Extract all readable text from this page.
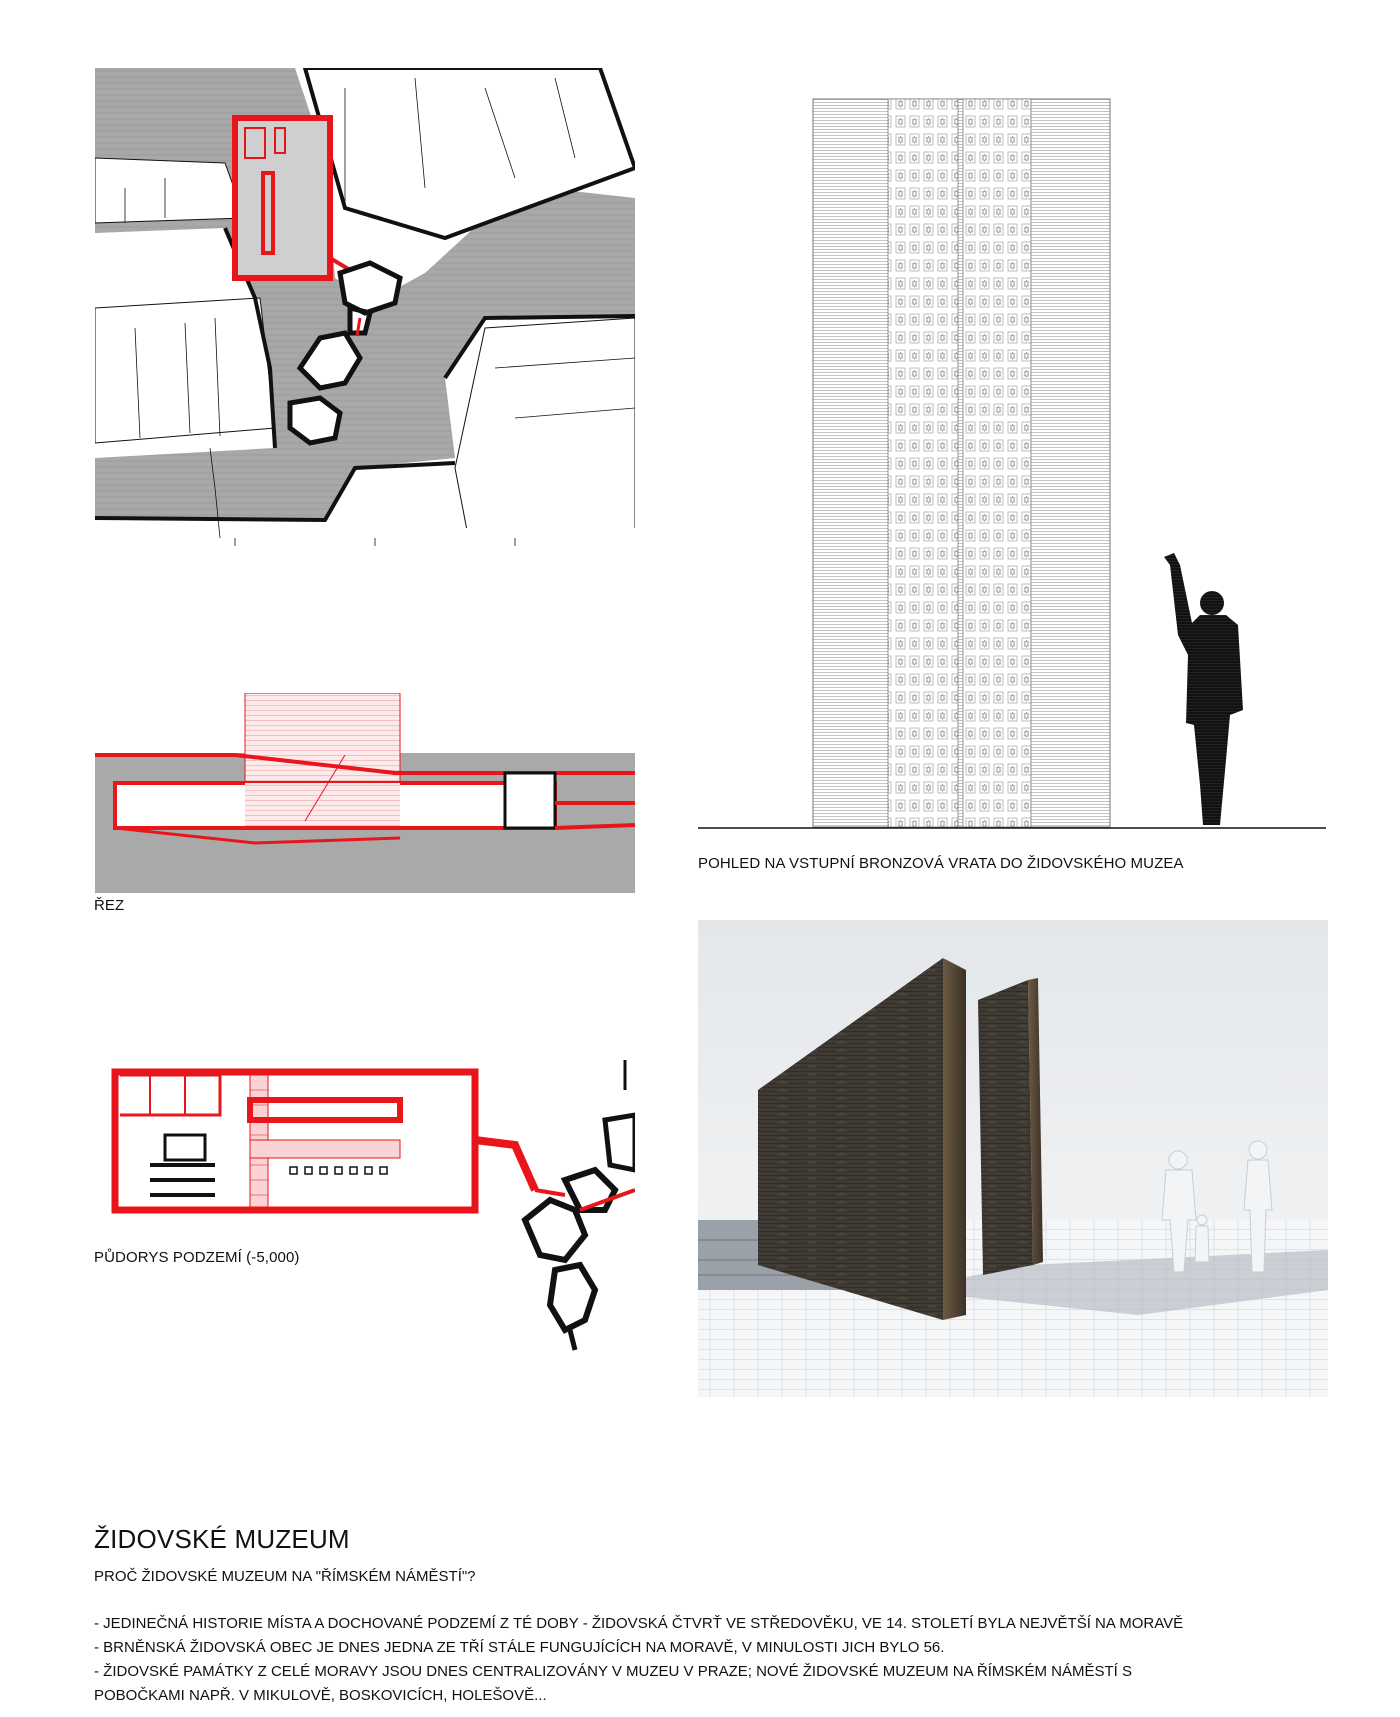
ŘEZ
PŮDORYS PODZEMÍ (-5,000)
POHLED NA VSTUPNÍ BRONZOVÁ VRATA DO ŽIDOVSKÉHO MUZEA
ŽIDOVSKÉ MUZEUM
PROČ ŽIDOVSKÉ MUZEUM NA "ŘÍMSKÉM NÁMĚSTÍ"?
- JEDINEČNÁ HISTORIE MÍSTA A DOCHOVANÉ PODZEMÍ Z TÉ DOBY - ŽIDOVSKÁ ČTVRŤ VE STŘEDOVĚKU, VE 14. STOLETÍ BYLA NEJVĚTŠÍ NA MORAVĚ
- BRNĚNSKÁ ŽIDOVSKÁ OBEC JE DNES JEDNA ZE TŘÍ STÁLE FUNGUJÍCÍCH NA MORAVĚ, V MINULOSTI JICH BYLO 56.
- ŽIDOVSKÉ PAMÁTKY Z CELÉ MORAVY JSOU DNES CENTRALIZOVÁNY V MUZEU V PRAZE; NOVÉ ŽIDOVSKÉ MUZEUM NA ŘÍMSKÉM NÁMĚSTÍ S
POBOČKAMI NAPŘ. V MIKULOVĚ, BOSKOVICÍCH, HOLEŠOVĚ...
